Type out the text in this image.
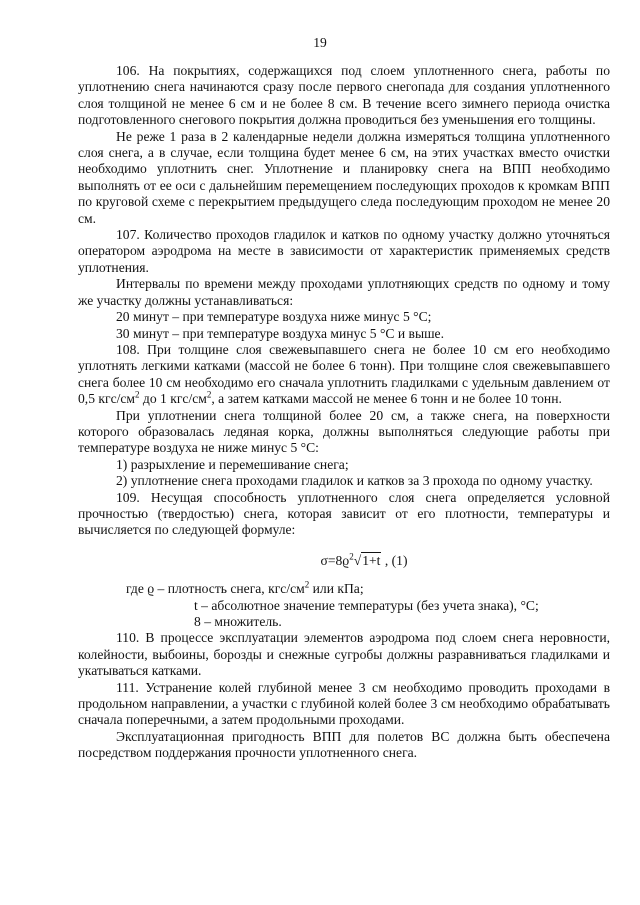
19

106. На покрытиях, содержащихся под слоем уплотненного снега, работы по уплотнению снега начинаются сразу после первого снегопада для создания уплотненного слоя толщиной не менее 6 см и не более 8 см. В течение всего зимнего периода очистка подготовленного снегового покрытия должна проводиться без уменьшения его толщины.

Не реже 1 раза в 2 календарные недели должна измеряться толщина уплотненного слоя снега, а в случае, если толщина будет менее 6 см, на этих участках вместо очистки необходимо уплотнить снег. Уплотнение и планировку снега на ВПП необходимо выполнять от ее оси с дальнейшим перемещением последующих проходов к кромкам ВПП по круговой схеме с перекрытием предыдущего следа последующим проходом не менее 20 см.

107. Количество проходов гладилок и катков по одному участку должно уточняться оператором аэродрома на месте в зависимости от характеристик применяемых средств уплотнения.

Интервалы по времени между проходами уплотняющих средств по одному и тому же участку должны устанавливаться:

20 минут – при температуре воздуха ниже минус 5 °С;

30 минут – при температуре воздуха минус 5 °С и выше.

108. При толщине слоя свежевыпавшего снега не более 10 см его необходимо уплотнять легкими катками (массой не более 6 тонн). При толщине слоя свежевыпавшего снега более 10 см необходимо его сначала уплотнить гладилками с удельным давлением от 0,5 кгс/$см^2$ до 1 кгс/$см^2$, а затем катками массой не менее 6 тонн и не более 10 тонн.

При уплотнении снега толщиной более 20 см, а также снега, на поверхности которого образовалась ледяная корка, должны выполняться следующие работы при температуре воздуха не ниже минус 5 °С:

1) разрыхление и перемешивание снега;

2) уплотнение снега проходами гладилок и катков за 3 прохода по одному участку.

109. Несущая способность уплотненного слоя снега определяется условной прочностью (твердостью) снега, которая зависит от его плотности, температуры и вычисляется по следующей формуле:

$\sigma=8ϱ^2√1+t$ , (1)

где ϱ – плотность снега, кгс/$см^2$ или кПа;

t – абсолютное значение температуры (без учета знака), °С;

8 – множитель.

110. В процессе эксплуатации элементов аэродрома под слоем снега неровности, колейности, выбоины, борозды и снежные сугробы должны разравниваться гладилками и укатываться катками.

111. Устранение колей глубиной менее 3 см необходимо проводить проходами в продольном направлении, а участки с глубиной колей более 3 см необходимо обрабатывать сначала поперечными, а затем продольными проходами.

Эксплуатационная пригодность ВПП для полетов ВС должна быть обеспечена посредством поддержания прочности уплотненного снега.
